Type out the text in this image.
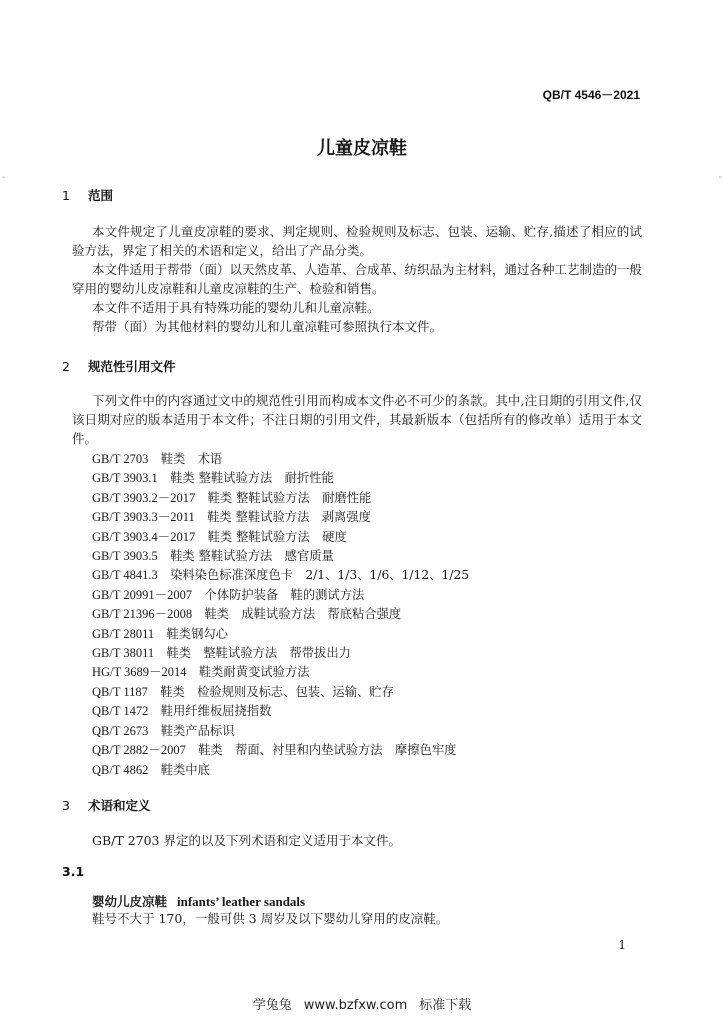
QB/T 4546－2021
儿童皮凉鞋
-	-
1 范围

本文件规定了儿童皮凉鞋的要求、判定规则、检验规则及标志、包装、运输、贮存,描述了相应的试验方法，界定了相关的术语和定义，给出了产品分类。

本文件适用于帮带（面）以天然皮革、人造革、合成革、纺织品为主材料，通过各种工艺制造的一般穿用的婴幼儿皮凉鞋和儿童皮凉鞋的生产、检验和销售。

本文件不适用于具有特殊功能的婴幼儿和儿童凉鞋。

帮带（面）为其他材料的婴幼儿和儿童凉鞋可参照执行本文件。

2 规范性引用文件

下列文件中的内容通过文中的规范性引用而构成本文件必不可少的条款。其中,注日期的引用文件,仅该日期对应的版本适用于本文件；不注日期的引用文件，其最新版本（包括所有的修改单）适用于本文件。

GB/T 2703　 鞋类　术语
GB/T 3903.1　 鞋类 整鞋试验方法　耐折性能
GB/T 3903.2－2017　 鞋类 整鞋试验方法　耐磨性能
GB/T 3903.3－2011　 鞋类 整鞋试验方法　剥离强度
GB/T 3903.4－2017　 鞋类 整鞋试验方法　硬度
GB/T 3903.5　 鞋类 整鞋试验方法　感官质量
GB/T 4841.3　 染料染色标准深度色卡　2/1、1/3、1/6、1/12、1/25
GB/T 20991－2007　 个体防护装备　鞋的测试方法
GB/T 21396－2008　 鞋类　成鞋试验方法　帮底粘合强度
GB/T 28011　 鞋类钢勾心
GB/T 38011　 鞋类　整鞋试验方法　帮带拔出力
HG/T 3689－2014　 鞋类耐黄变试验方法
QB/T 1187　 鞋类　检验规则及标志、包装、运输、贮存
QB/T 1472　 鞋用纤维板屈挠指数
QB/T 2673　 鞋类产品标识
QB/T 2882－2007　 鞋类　帮面、衬里和内垫试验方法　摩擦色牢度
QB/T 4862　 鞋类中底
3 术语和定义

GB/T 2703 界定的以及下列术语和定义适用于本文件。

3.1
婴幼儿皮凉鞋 infants’ leather sandals
鞋号不大于 170，一般可供 3 周岁及以下婴幼儿穿用的皮凉鞋。
1
学兔兔 www.bzfxw.com 标准下载
